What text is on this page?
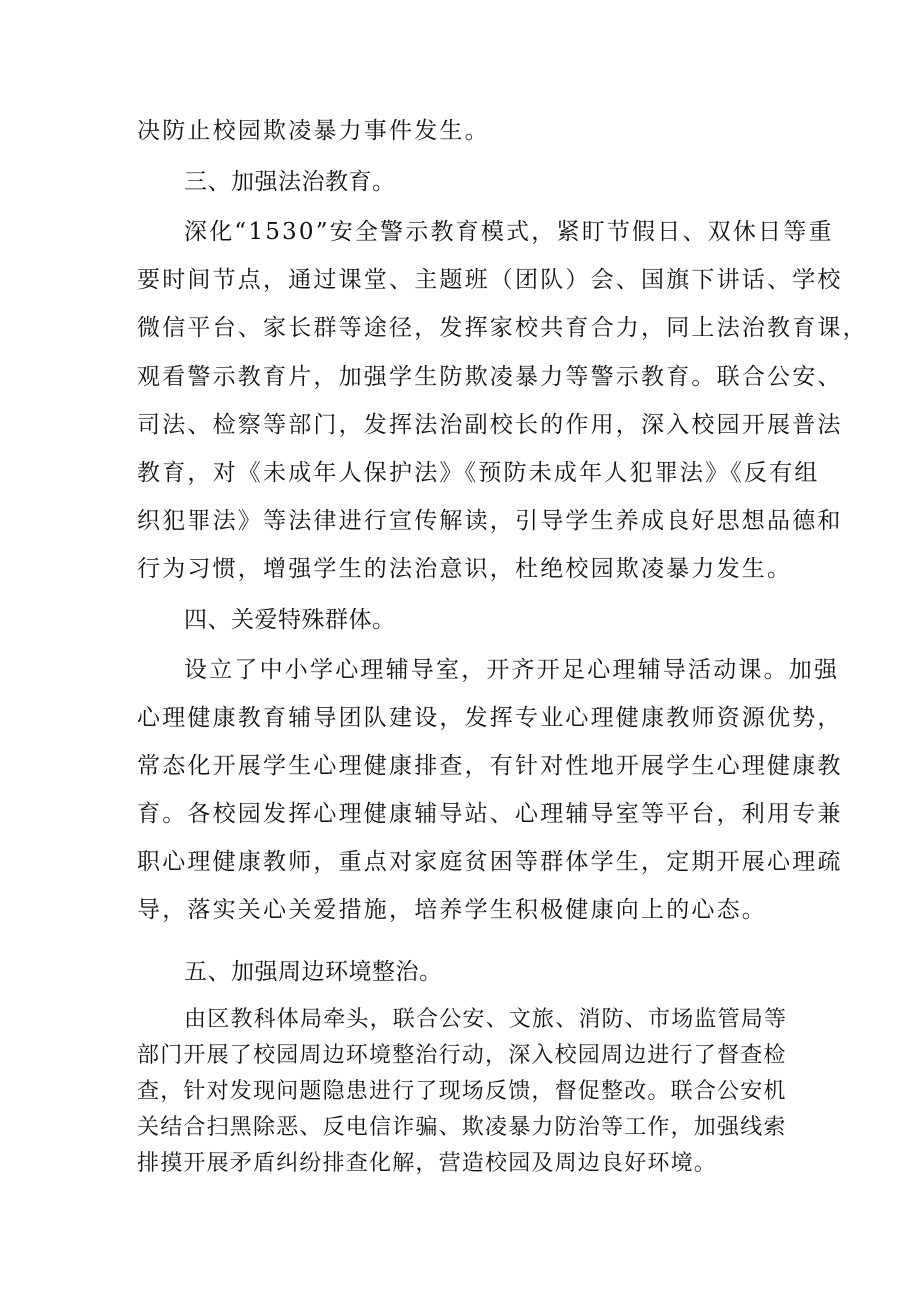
决防止校园欺凌暴力事件发生。
三、加强法治教育。
深化“1530”安全警示教育模式，紧盯节假日、双休日等重
要时间节点，通过课堂、主题班（团队）会、国旗下讲话、学校
微信平台、家长群等途径，发挥家校共育合力，同上法治教育课，
观看警示教育片，加强学生防欺凌暴力等警示教育。联合公安、
司法、检察等部门，发挥法治副校长的作用，深入校园开展普法
教育，对《未成年人保护法》《预防未成年人犯罪法》《反有组
织犯罪法》等法律进行宣传解读，引导学生养成良好思想品德和
行为习惯，增强学生的法治意识，杜绝校园欺凌暴力发生。
四、关爱特殊群体。
设立了中小学心理辅导室，开齐开足心理辅导活动课。加强
心理健康教育辅导团队建设，发挥专业心理健康教师资源优势，
常态化开展学生心理健康排查，有针对性地开展学生心理健康教
育。各校园发挥心理健康辅导站、心理辅导室等平台，利用专兼
职心理健康教师，重点对家庭贫困等群体学生，定期开展心理疏
导，落实关心关爱措施，培养学生积极健康向上的心态。
五、加强周边环境整治。
由区教科体局牵头，联合公安、文旅、消防、市场监管局等
部门开展了校园周边环境整治行动，深入校园周边进行了督查检
查，针对发现问题隐患进行了现场反馈，督促整改。联合公安机
关结合扫黑除恶、反电信诈骗、欺凌暴力防治等工作，加强线索
排摸开展矛盾纠纷排查化解，营造校园及周边良好环境。
